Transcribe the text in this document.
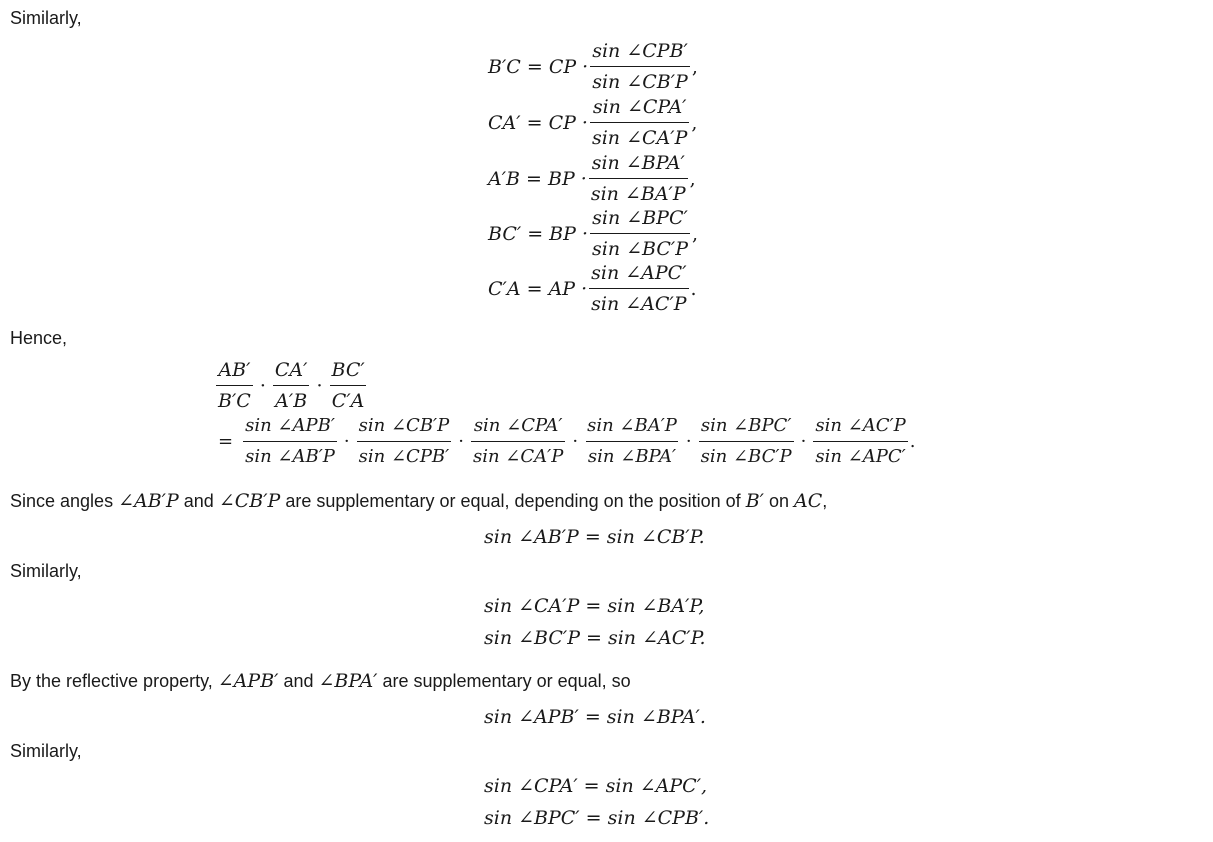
Similarly,
B′C = CP · $\frac{\text{sin ∠CPB′}}{\sin \angle CB'P}$ ,
CA′ = CP · $\frac{\text{sin ∠CPA′}}{\sin \angle CA'P}$ ,
A′B = BP · $\frac{\text{sin ∠BPA′}}{\sin \angle BA'P}$ ,
BC′ = BP · $\frac{\text{sin ∠BPC′}}{\sin \angle BC'P}$ ,
C′A = AP · $\frac{\text{sin ∠APC′}}{\sin \angle AC'P}$ .
Hence,
$\frac{AB'}{B'C} \cdot \frac{CA'}{A'B} \cdot \frac{BC'}{C'A}$
= $\frac{\text{sin ∠APB′}}{\sin \angle AB'P} \cdot \frac{\sin \angle CB'P}{\text{sin ∠CPB′}} \cdot \frac{\text{sin ∠CPA′}}{\sin \angle CA'P} \cdot \frac{\sin \angle BA'P}{\text{sin ∠BPA′}} \cdot \frac{\text{sin ∠BPC′}}{\sin \angle BC'P} \cdot \frac{\sin \angle AC'P}{\text{sin ∠APC′}}$ .
Since angles ∠AB′P and ∠CB′P are supplementary or equal, depending on the position of B′ on AC,
sin ∠AB′P = sin ∠CB′P.
Similarly,
sin ∠CA′P = sin ∠BA′P,
sin ∠BC′P = sin ∠AC′P.
By the reflective property, ∠APB′ and ∠BPA′ are supplementary or equal, so
sin ∠APB′ = sin ∠BPA′.
Similarly,
sin ∠CPA′ = sin ∠APC′,
sin ∠BPC′ = sin ∠CPB′.
